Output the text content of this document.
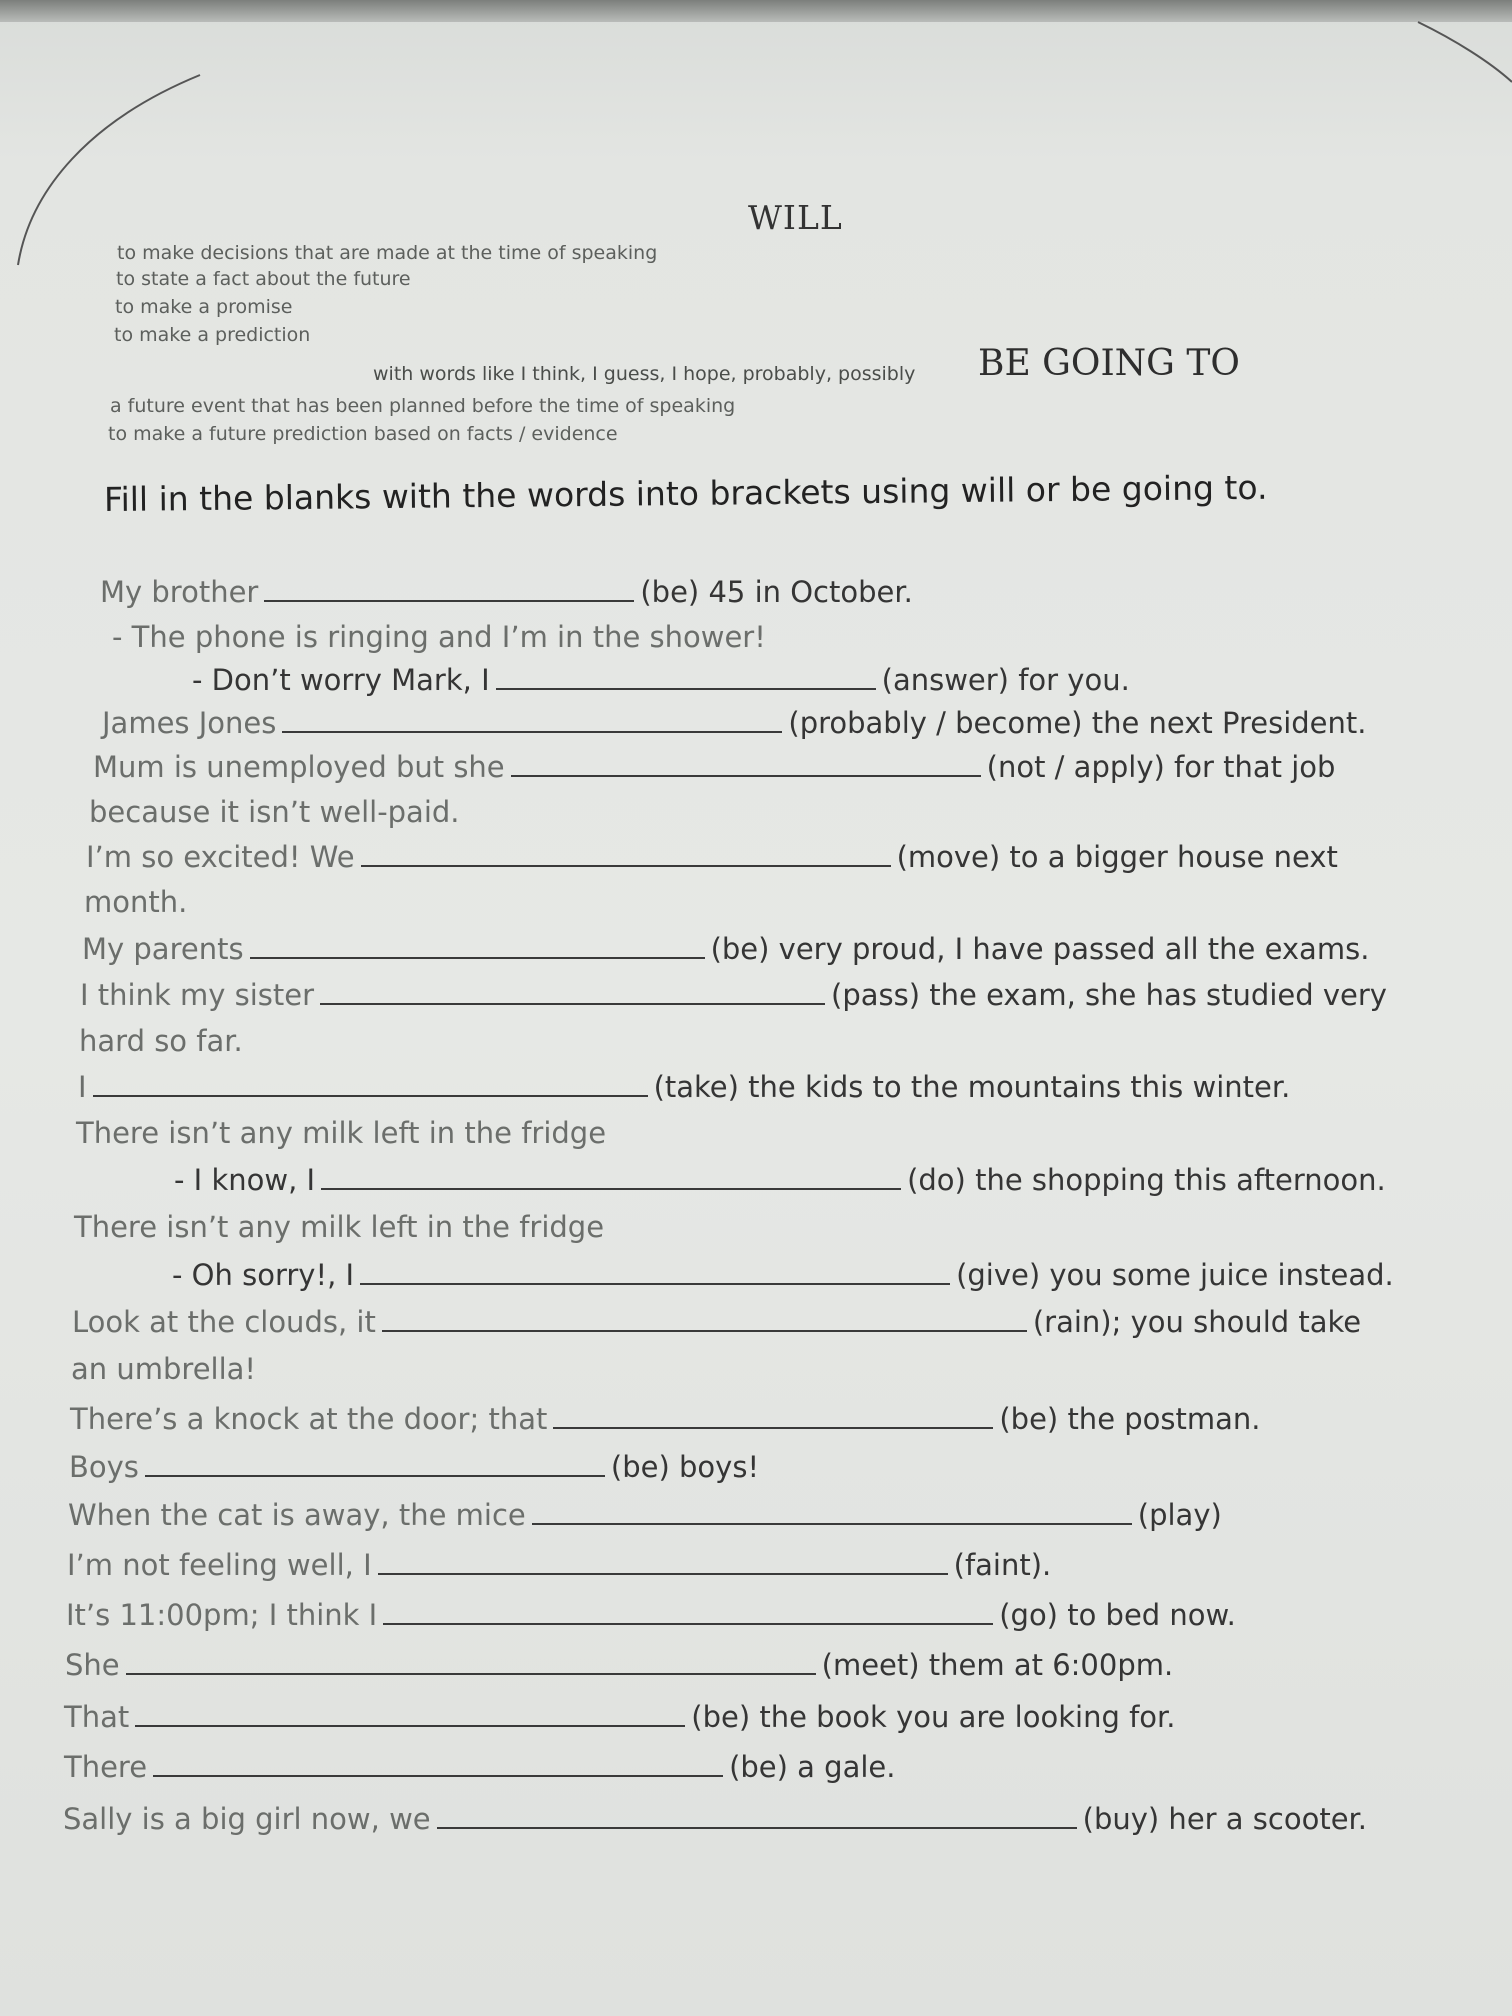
WILL
to make decisions that are made at the time of speaking
to state a fact about the future
to make a promise
to make a prediction
with words like I think, I guess, I hope, probably, possibly BE GOING TO
a future event that has been planned before the time of speaking
to make a future prediction based on facts / evidence
Fill in the blanks with the words into brackets using will or be going to.
My brother	(be) 45 in October.
- The phone is ringing and I’m in the shower!
- Don’t worry Mark, I	(answer) for you.
James Jones	(probably / become) the next President.
Mum is unemployed but she	(not / apply) for that job
because it isn’t well-paid.
I’m so excited! We	(move) to a bigger house next
month.
My parents	(be) very proud, I have passed all the exams.
I think my sister	(pass) the exam, she has studied very
hard so far.
I	(take) the kids to the mountains this winter.
There isn’t any milk left in the fridge
- I know, I	(do) the shopping this afternoon.
There isn’t any milk left in the fridge
- Oh sorry!, I	(give) you some juice instead.
Look at the clouds, it	(rain); you should take
an umbrella!
There’s a knock at the door; that	(be) the postman.
Boys	(be) boys!
When the cat is away, the mice	(play)
I’m not feeling well, I	(faint).
It’s 11:00pm; I think I	(go) to bed now.
She	(meet) them at 6:00pm.
That	(be) the book you are looking for.
There	(be) a gale.
Sally is a big girl now, we	(buy) her a scooter.
